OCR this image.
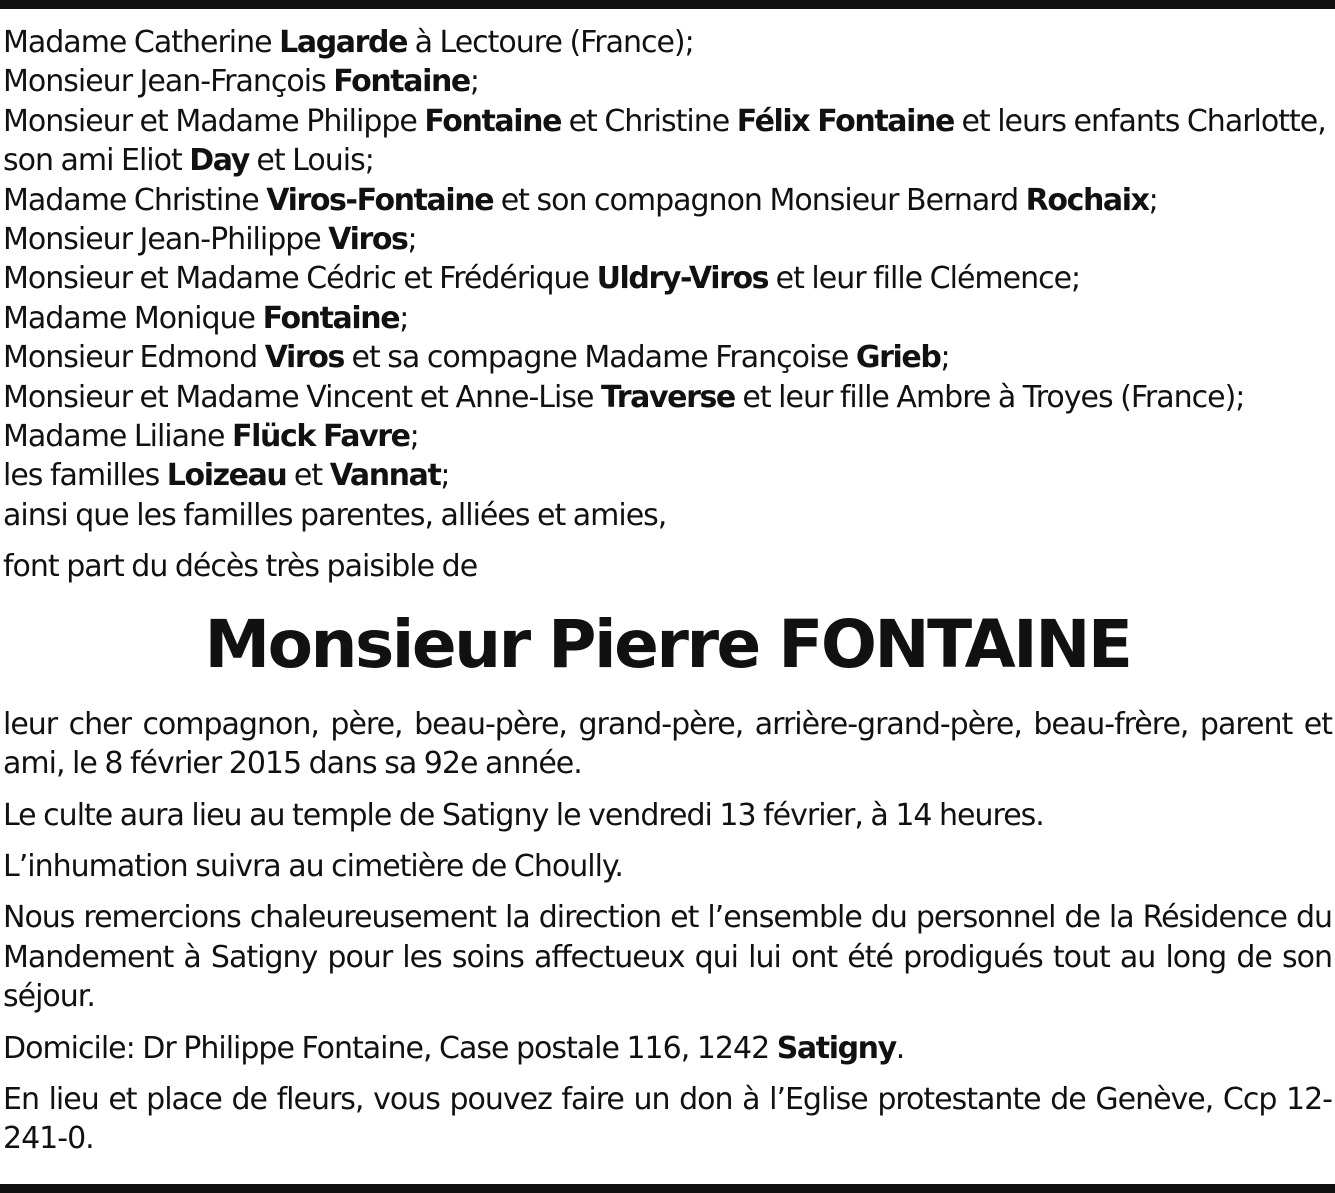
Madame Catherine Lagarde à Lectoure (France);
Monsieur Jean-François Fontaine;
Monsieur et Madame Philippe Fontaine et Christine Félix Fontaine et leurs enfants Charlotte,
son ami Eliot Day et Louis;
Madame Christine Viros-Fontaine et son compagnon Monsieur Bernard Rochaix;
Monsieur Jean-Philippe Viros;
Monsieur et Madame Cédric et Frédérique Uldry-Viros et leur fille Clémence;
Madame Monique Fontaine;
Monsieur Edmond Viros et sa compagne Madame Françoise Grieb;
Monsieur et Madame Vincent et Anne-Lise Traverse et leur fille Ambre à Troyes (France);
Madame Liliane Flück Favre;
les familles Loizeau et Vannat;
ainsi que les familles parentes, alliées et amies,

font part du décès très paisible de

Monsieur Pierre FONTAINE

leur cher compagnon, père, beau-père, grand-père, arrière-grand-père, beau-frère, parent et ami, le 8 février 2015 dans sa 92e année.

Le culte aura lieu au temple de Satigny le vendredi 13 février, à 14 heures.

L’inhumation suivra au cimetière de Choully.

Nous remercions chaleureusement la direction et l’ensemble du personnel de la Résidence du Mandement à Satigny pour les soins affectueux qui lui ont été prodigués tout au long de son séjour.

Domicile: Dr Philippe Fontaine, Case postale 116, 1242 Satigny.

En lieu et place de fleurs, vous pouvez faire un don à l’Eglise protestante de Genève, Ccp 12-241-0.
